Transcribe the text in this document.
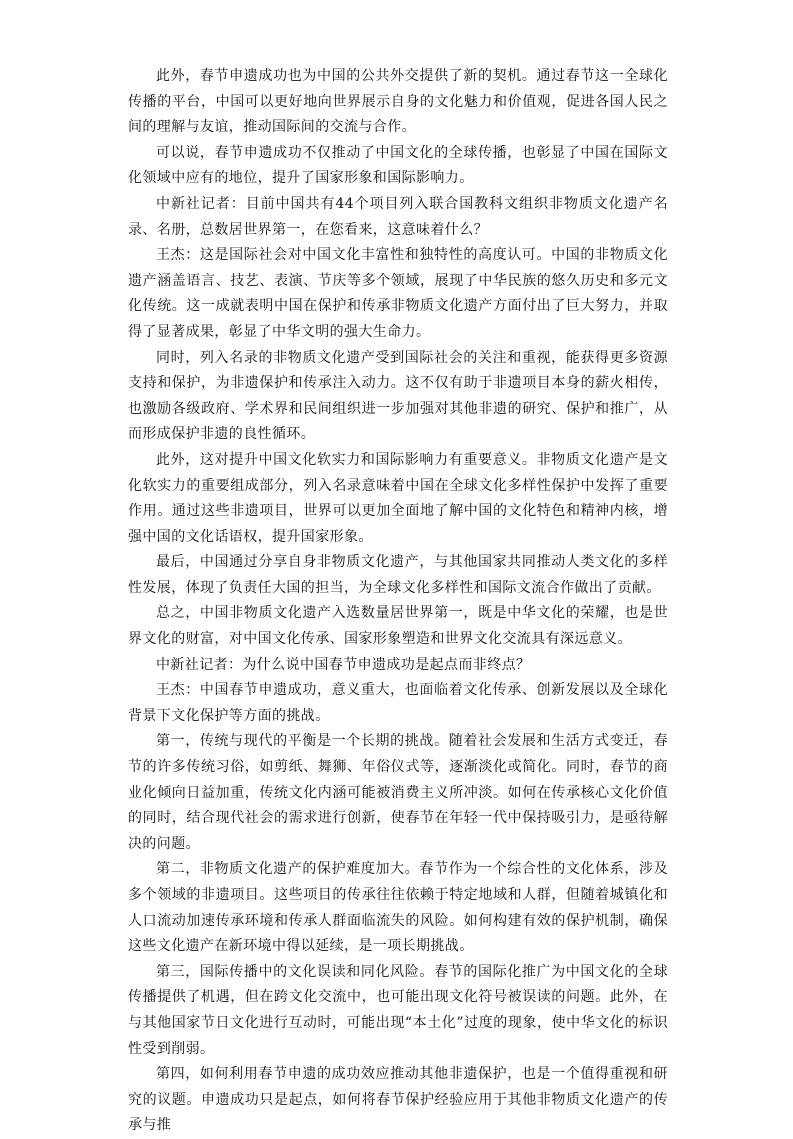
此外，春节申遗成功也为中国的公共外交提供了新的契机。通过春节这一全球化传播的平台，中国可以更好地向世界展示自身的文化魅力和价值观，促进各国人民之间的理解与友谊，推动国际间的交流与合作。

可以说，春节申遗成功不仅推动了中国文化的全球传播，也彰显了中国在国际文化领域中应有的地位，提升了国家形象和国际影响力。

中新社记者：目前中国共有44个项目列入联合国教科文组织非物质文化遗产名录、名册，总数居世界第一，在您看来，这意味着什么？

王杰：这是国际社会对中国文化丰富性和独特性的高度认可。中国的非物质文化遗产涵盖语言、技艺、表演、节庆等多个领域，展现了中华民族的悠久历史和多元文化传统。这一成就表明中国在保护和传承非物质文化遗产方面付出了巨大努力，并取得了显著成果，彰显了中华文明的强大生命力。

同时，列入名录的非物质文化遗产受到国际社会的关注和重视，能获得更多资源支持和保护，为非遗保护和传承注入动力。这不仅有助于非遗项目本身的薪火相传，也激励各级政府、学术界和民间组织进一步加强对其他非遗的研究、保护和推广，从而形成保护非遗的良性循环。

此外，这对提升中国文化软实力和国际影响力有重要意义。非物质文化遗产是文化软实力的重要组成部分，列入名录意味着中国在全球文化多样性保护中发挥了重要作用。通过这些非遗项目，世界可以更加全面地了解中国的文化特色和精神内核，增强中国的文化话语权，提升国家形象。

最后，中国通过分享自身非物质文化遗产，与其他国家共同推动人类文化的多样性发展，体现了负责任大国的担当，为全球文化多样性和国际文流合作做出了贡献。

总之，中国非物质文化遗产入选数量居世界第一，既是中华文化的荣耀，也是世界文化的财富，对中国文化传承、国家形象塑造和世界文化交流具有深远意义。

中新社记者：为什么说中国春节申遗成功是起点而非终点？

王杰：中国春节申遗成功，意义重大，也面临着文化传承、创新发展以及全球化背景下文化保护等方面的挑战。

第一，传统与现代的平衡是一个长期的挑战。随着社会发展和生活方式变迁，春节的许多传统习俗，如剪纸、舞狮、年俗仪式等，逐渐淡化或简化。同时，春节的商业化倾向日益加重，传统文化内涵可能被消费主义所冲淡。如何在传承核心文化价值的同时，结合现代社会的需求进行创新，使春节在年轻一代中保持吸引力，是亟待解决的问题。

第二，非物质文化遗产的保护难度加大。春节作为一个综合性的文化体系，涉及多个领域的非遗项目。这些项目的传承往往依赖于特定地域和人群，但随着城镇化和人口流动加速传承环境和传承人群面临流失的风险。如何构建有效的保护机制，确保这些文化遗产在新环境中得以延续，是一项长期挑战。

第三，国际传播中的文化误读和同化风险。春节的国际化推广为中国文化的全球传播提供了机遇，但在跨文化交流中，也可能出现文化符号被误读的问题。此外，在与其他国家节日文化进行互动时，可能出现“本土化”过度的现象，使中华文化的标识性受到削弱。

第四，如何利用春节申遗的成功效应推动其他非遗保护，也是一个值得重视和研究的议题。申遗成功只是起点，如何将春节保护经验应用于其他非物质文化遗产的传承与推
